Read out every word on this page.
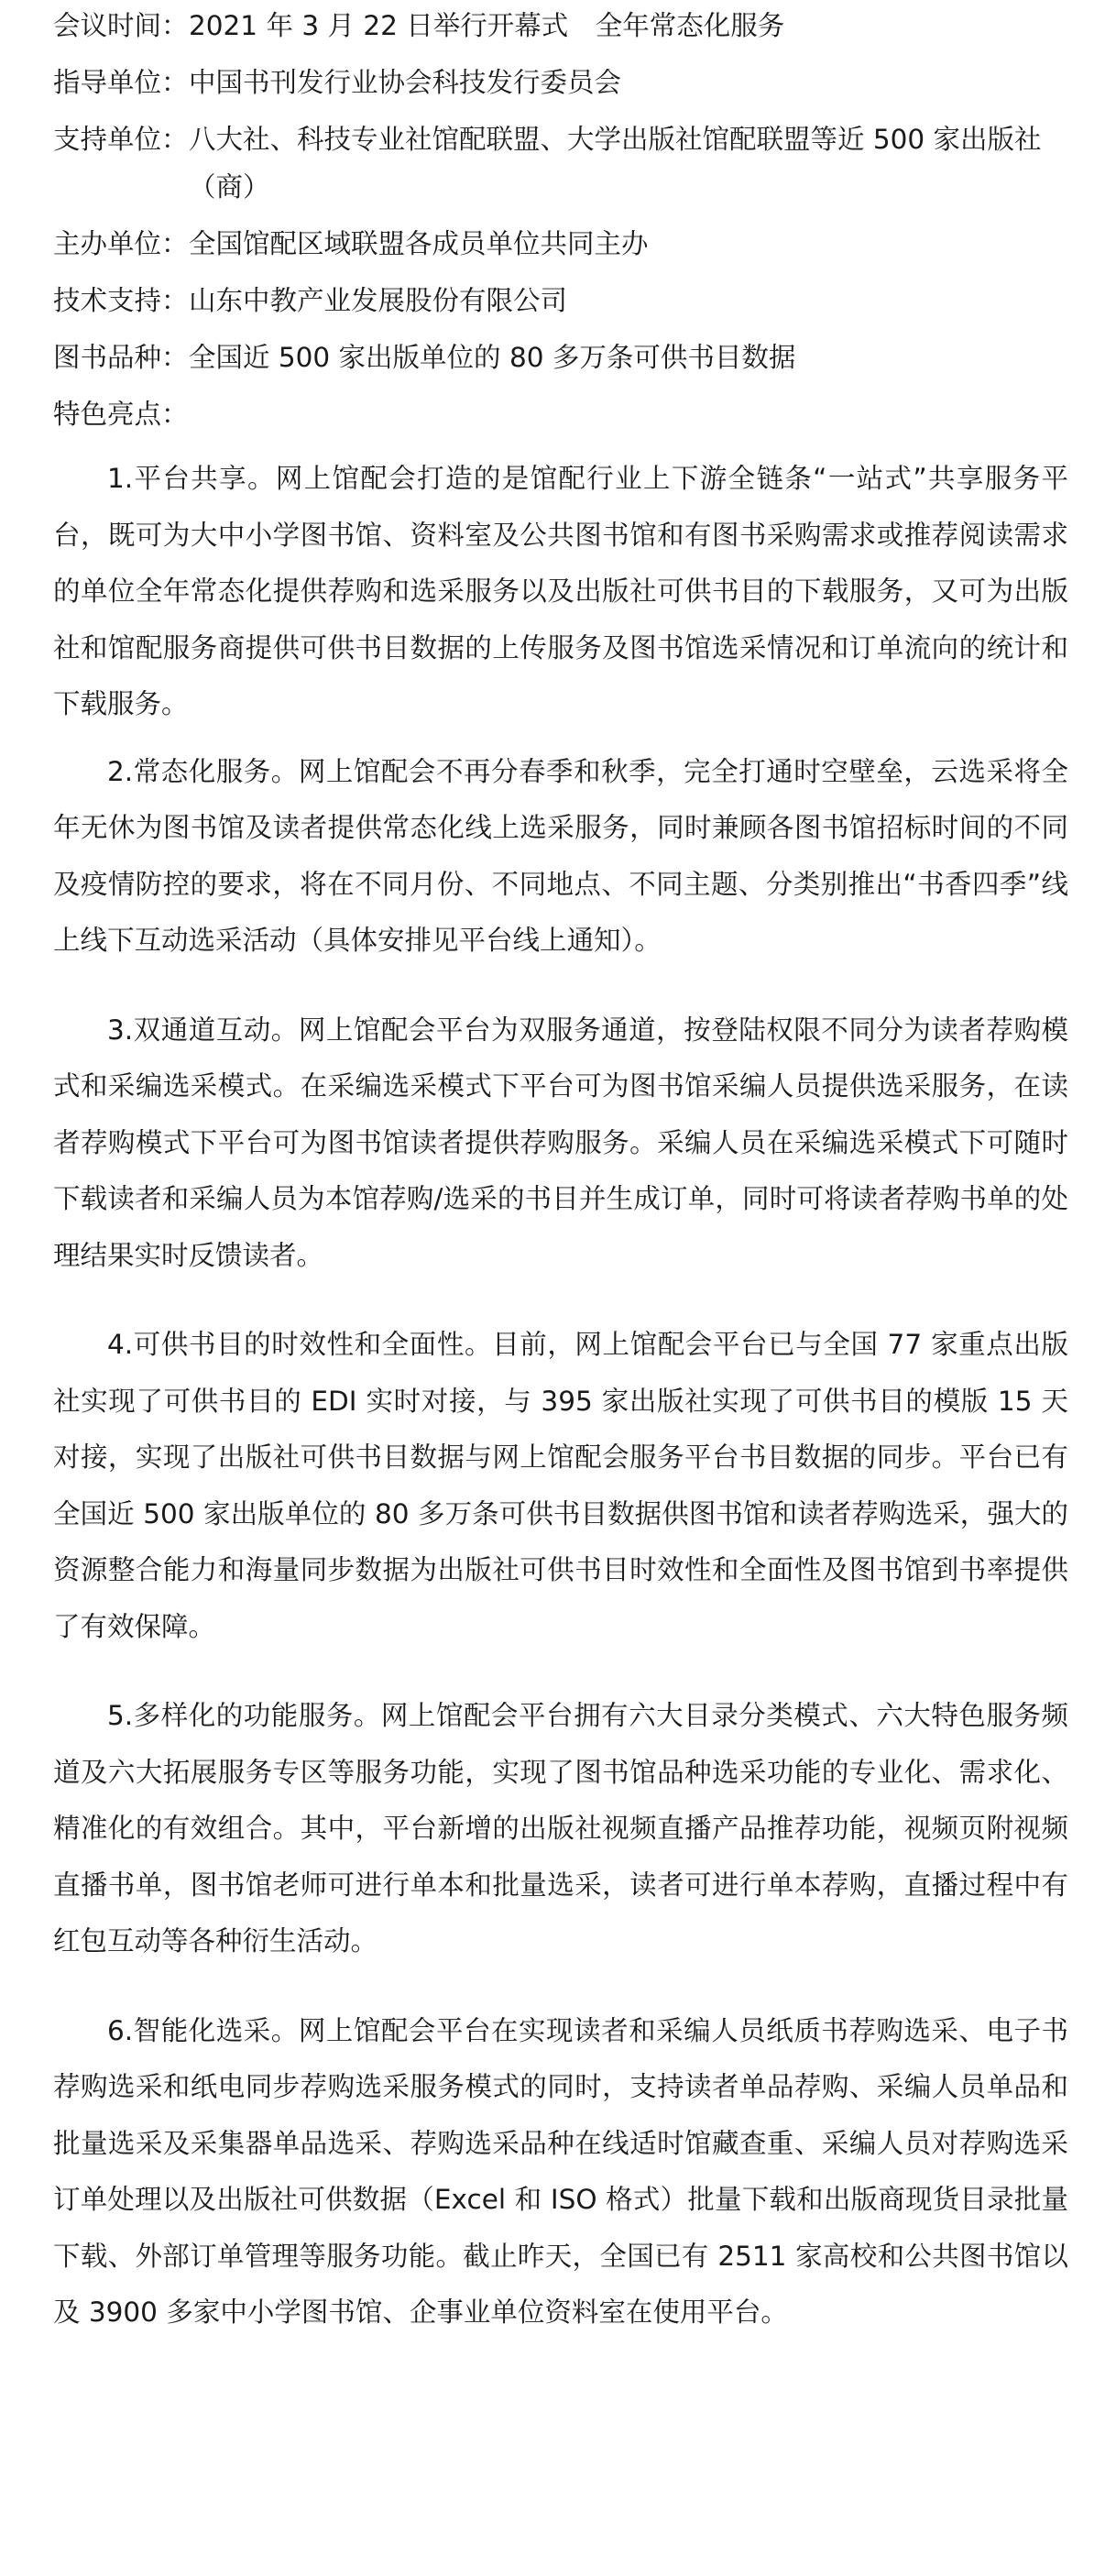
会议时间： 2021 年 3 月 22 日举行开幕式　全年常态化服务
指导单位： 中国书刊发行业协会科技发行委员会
支持单位： 八大社、科技专业社馆配联盟、大学出版社馆配联盟等近 500 家出版社（商）
主办单位： 全国馆配区域联盟各成员单位共同主办
技术支持： 山东中教产业发展股份有限公司
图书品种： 全国近 500 家出版单位的 80 多万条可供书目数据
特色亮点：

1.平台共享。网上馆配会打造的是馆配行业上下游全链条“一站式”共享服务平台，既可为大中小学图书馆、资料室及公共图书馆和有图书采购需求或推荐阅读需求的单位全年常态化提供荐购和选采服务以及出版社可供书目的下载服务，又可为出版社和馆配服务商提供可供书目数据的上传服务及图书馆选采情况和订单流向的统计和下载服务。

2.常态化服务。网上馆配会不再分春季和秋季，完全打通时空壁垒，云选采将全年无休为图书馆及读者提供常态化线上选采服务，同时兼顾各图书馆招标时间的不同及疫情防控的要求，将在不同月份、不同地点、不同主题、分类别推出“书香四季”线上线下互动选采活动（具体安排见平台线上通知）。

3.双通道互动。网上馆配会平台为双服务通道，按登陆权限不同分为读者荐购模式和采编选采模式。在采编选采模式下平台可为图书馆采编人员提供选采服务，在读者荐购模式下平台可为图书馆读者提供荐购服务。采编人员在采编选采模式下可随时下载读者和采编人员为本馆荐购/选采的书目并生成订单，同时可将读者荐购书单的处理结果实时反馈读者。

4.可供书目的时效性和全面性。目前，网上馆配会平台已与全国 77 家重点出版社实现了可供书目的 EDI 实时对接，与 395 家出版社实现了可供书目的模版 15 天对接，实现了出版社可供书目数据与网上馆配会服务平台书目数据的同步。平台已有全国近 500 家出版单位的 80 多万条可供书目数据供图书馆和读者荐购选采，强大的资源整合能力和海量同步数据为出版社可供书目时效性和全面性及图书馆到书率提供了有效保障。

5.多样化的功能服务。网上馆配会平台拥有六大目录分类模式、六大特色服务频道及六大拓展服务专区等服务功能，实现了图书馆品种选采功能的专业化、需求化、精准化的有效组合。其中，平台新增的出版社视频直播产品推荐功能，视频页附视频直播书单，图书馆老师可进行单本和批量选采，读者可进行单本荐购，直播过程中有红包互动等各种衍生活动。

6.智能化选采。网上馆配会平台在实现读者和采编人员纸质书荐购选采、电子书荐购选采和纸电同步荐购选采服务模式的同时，支持读者单品荐购、采编人员单品和批量选采及采集器单品选采、荐购选采品种在线适时馆藏查重、采编人员对荐购选采订单处理以及出版社可供数据（Excel 和 ISO 格式）批量下载和出版商现货目录批量下载、外部订单管理等服务功能。截止昨天，全国已有 2511 家高校和公共图书馆以及 3900 多家中小学图书馆、企事业单位资料室在使用平台。
